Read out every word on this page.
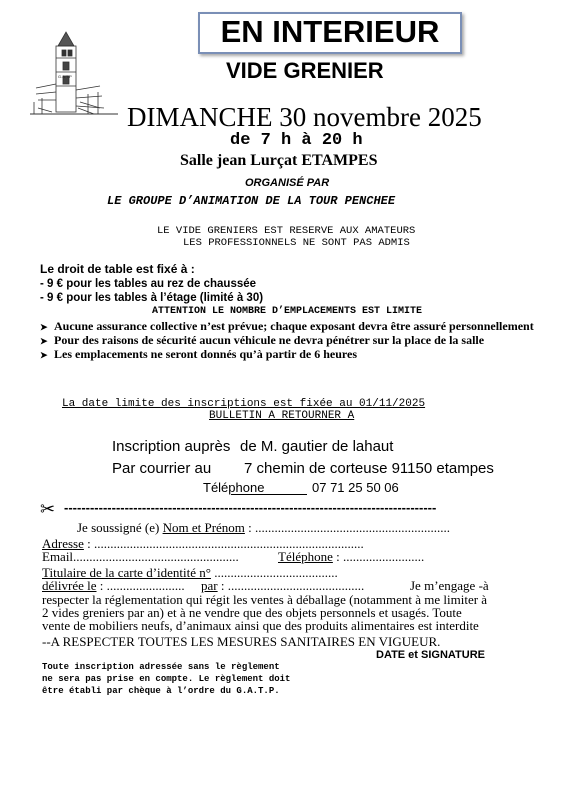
G.A.T.P
EN INTERIEUR
VIDE GRENIER
DIMANCHE 30 novembre 2025
de 7 h à 20 h
Salle jean Lurçat ETAMPES
ORGANISÉ PAR
LE GROUPE D’ANIMATION DE LA TOUR PENCHEE
LE VIDE GRENIERS EST RESERVE AUX AMATEURS
LES PROFESSIONNELS NE SONT PAS ADMIS
Le droit de table est fixé à :
- 9 € pour les tables au rez de chaussée
- 9 € pour les tables à l’étage (limité à 30)
ATTENTION LE NOMBRE D’EMPLACEMENTS EST LIMITE
➤ Aucune assurance collective n’est prévue; chaque exposant devra être assuré personnellement
➤ Pour des raisons de sécurité aucun véhicule ne devra pénétrer sur la place de la salle
➤ Les emplacements ne seront donnés qu’à partir de 6 heures
La date limite des inscriptions est fixée au 01/11/2025
BULLETIN A RETOURNER A
Inscription auprès de M. gautier de lahaut
Par courrier au 7 chemin de corteuse 91150 etampes
Téléphone	07 71 25 50 06
✂ --------------------------------------------------------------------------------------
Je soussigné (e) Nom et Prénom : ............................................................
Adresse : ...................................................................................
Email...................................................	Téléphone : .........................
Titulaire de la carte d’identité n° ......................................
délivrée le : ........................ par : ..........................................	Je m’engage -à
respecter la réglementation qui régit les ventes à déballage (notamment à me limiter à
2 vides greniers par an) et à ne vendre que des objets personnels et usagés. Toute
vente de mobiliers neufs, d’animaux ainsi que des produits alimentaires est interdite
--A RESPECTER TOUTES LES MESURES SANITAIRES EN VIGUEUR.
DATE et SIGNATURE
Toute inscription adressée sans le règlement
ne sera pas prise en compte. Le règlement doit
être établi par chèque à l’ordre du G.A.T.P.
